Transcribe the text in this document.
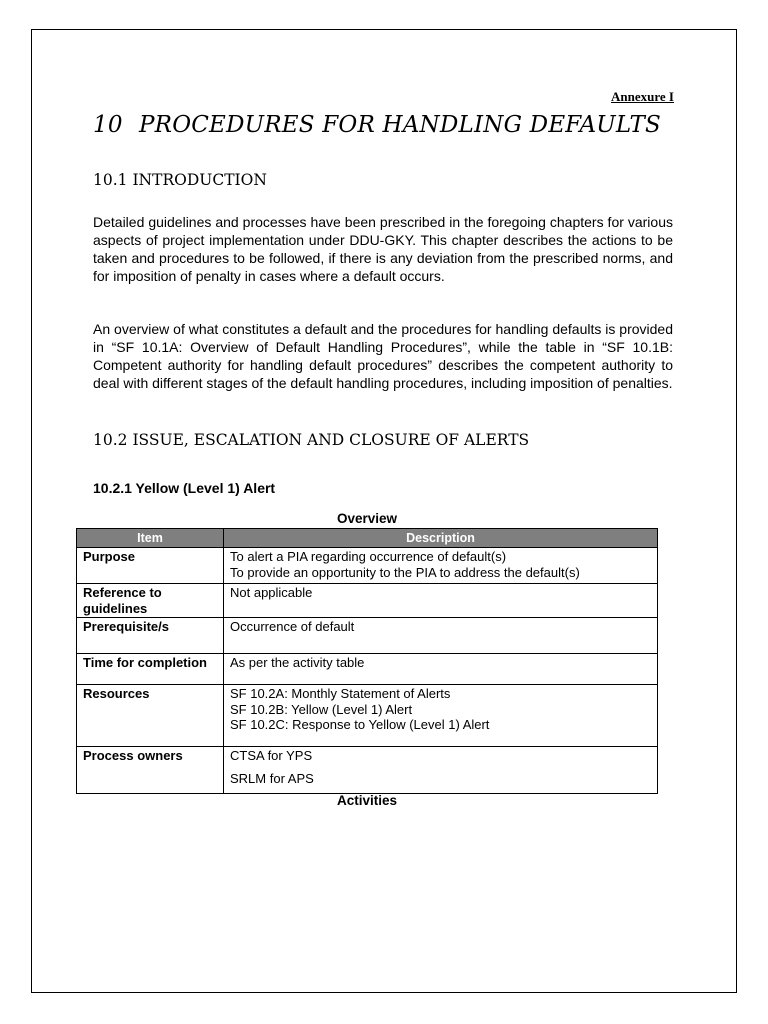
Annexure I
10 PROCEDURES FOR HANDLING DEFAULTS
10.1 INTRODUCTION
Detailed guidelines and processes have been prescribed in the foregoing chapters for various aspects of project implementation under DDU-GKY. This chapter describes the actions to be taken and procedures to be followed, if there is any deviation from the prescribed norms, and for imposition of penalty in cases where a default occurs.
An overview of what constitutes a default and the procedures for handling defaults is provided in “SF 10.1A: Overview of Default Handling Procedures”, while the table in “SF 10.1B: Competent authority for handling default procedures” describes the competent authority to deal with different stages of the default handling procedures, including imposition of penalties.
10.2 ISSUE, ESCALATION AND CLOSURE OF ALERTS
10.2.1 Yellow (Level 1) Alert
Overview
Item	Description
Purpose	To alert a PIA regarding occurrence of default(s)
To provide an opportunity to the PIA to address the default(s)

Reference to guidelines	Not applicable
Prerequisite/s	Occurrence of default
Time for completion	As per the activity table
Resources	SF 10.2A: Monthly Statement of Alerts
SF 10.2B: Yellow (Level 1) Alert
SF 10.2C: Response to Yellow (Level 1) Alert

Process owners	CTSA for YPS
SRLM for APS
Activities
